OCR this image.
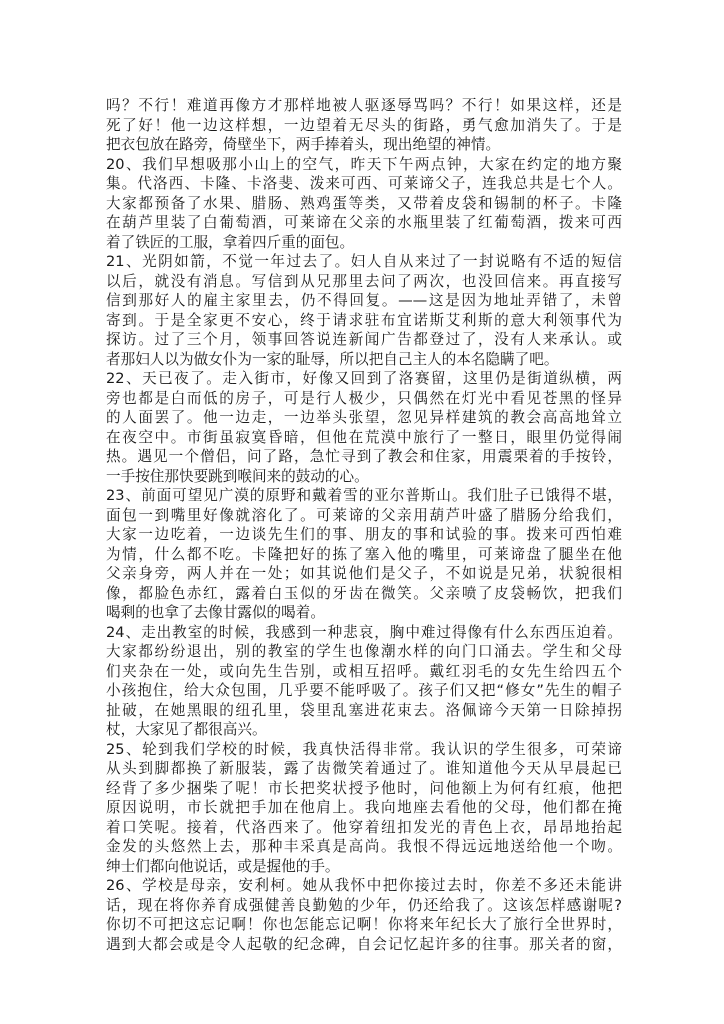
吗？不行！难道再像方才那样地被人驱逐辱骂吗？不行！如果这样，还是
死了好！他一边这样想，一边望着无尽头的街路，勇气愈加消失了。于是
把衣包放在路旁，倚壁坐下，两手捧着头，现出绝望的神情。
20、我们早想吸那小山上的空气，昨天下午两点钟，大家在约定的地方聚
集。代洛西、卡隆、卡洛斐、泼来可西、可莱谛父子，连我总共是七个人。
大家都预备了水果、腊肠、熟鸡蛋等类，又带着皮袋和锡制的杯子。卡隆
在葫芦里装了白葡萄酒，可莱谛在父亲的水瓶里装了红葡萄酒，拨来可西
着了铁匠的工服，拿着四斤重的面包。
21、光阴如箭，不觉一年过去了。妇人自从来过了一封说略有不适的短信
以后，就没有消息。写信到从兄那里去问了两次，也没回信来。再直接写
信到那好人的雇主家里去，仍不得回复。——这是因为地址弄错了，未曾
寄到。于是全家更不安心，终于请求驻布宜诺斯艾利斯的意大利领事代为
探访。过了三个月，领事回答说连新闻广告都登过了，没有人来承认。或
者那妇人以为做女仆为一家的耻辱，所以把自己主人的本名隐瞒了吧。
22、天已夜了。走入街市，好像又回到了洛赛留，这里仍是街道纵横，两
旁也都是白而低的房子，可是行人极少，只偶然在灯光中看见苍黑的怪异
的人面罢了。他一边走，一边举头张望，忽见异样建筑的教会高高地耸立
在夜空中。市街虽寂寞昏暗，但他在荒漠中旅行了一整日，眼里仍觉得闹
热。遇见一个僧侣，问了路，急忙寻到了教会和住家，用震栗着的手按铃，
一手按住那快要跳到喉间来的鼓动的心。
23、前面可望见广漠的原野和戴着雪的亚尔普斯山。我们肚子已饿得不堪，
面包一到嘴里好像就溶化了。可莱谛的父亲用葫芦叶盛了腊肠分给我们，
大家一边吃着，一边谈先生们的事、朋友的事和试验的事。拨来可西怕难
为情，什么都不吃。卡隆把好的拣了塞入他的嘴里，可莱谛盘了腿坐在他
父亲身旁，两人并在一处；如其说他们是父子，不如说是兄弟，状貌很相
像，都脸色赤红，露着白玉似的牙齿在微笑。父亲喷了皮袋畅饮，把我们
喝剩的也拿了去像甘露似的喝着。
24、走出教室的时候，我感到一种悲哀，胸中难过得像有什么东西压迫着。
大家都纷纷退出，别的教室的学生也像潮水样的向门口涌去。学生和父母
们夹杂在一处，或向先生告别，或相互招呼。戴红羽毛的女先生给四五个
小孩抱住，给大众包围，几乎要不能呼吸了。孩子们又把“修女”先生的帽子
扯破，在她黑眼的纽孔里，袋里乱塞进花束去。洛佩谛今天第一日除掉拐
杖，大家见了都很高兴。
25、轮到我们学校的时候，我真快活得非常。我认识的学生很多，可荣谛
从头到脚都换了新服装，露了齿微笑着通过了。谁知道他今天从早晨起已
经背了多少捆柴了呢！市长把奖状授予他时，问他额上为何有红痕，他把
原因说明，市长就把手加在他肩上。我向地座去看他的父母，他们都在掩
着口笑呢。接着，代洛西来了。他穿着纽扣发光的青色上衣，昂昂地抬起
金发的头悠然上去，那种丰采真是高尚。我恨不得远远地送给他一个吻。
绅士们都向他说话，或是握他的手。
26、学校是母亲，安利柯。她从我怀中把你接过去时，你差不多还未能讲
话，现在将你养育成强健善良勤勉的少年，仍还给我了。这该怎样感谢呢?
你切不可把这忘记啊！你也怎能忘记啊！你将来年纪长大了旅行全世界时，
遇到大都会或是令人起敬的纪念碑，自会记忆起许多的往事。那关者的窗，
